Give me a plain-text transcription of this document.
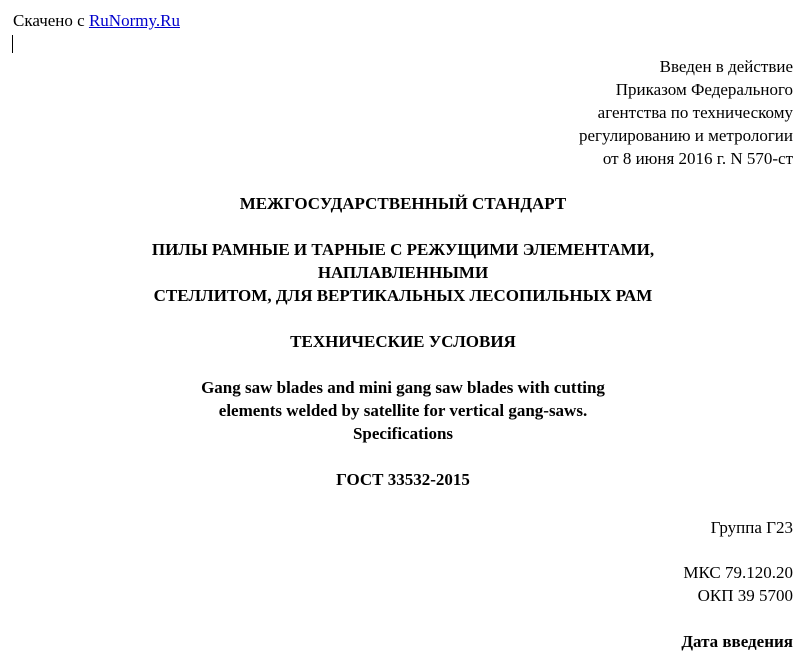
Скачено с RuNormy.Ru
Введен в действие
Приказом Федерального
агентства по техническому
регулированию и метрологии
от 8 июня 2016 г. N 570-ст
МЕЖГОСУДАРСТВЕННЫЙ СТАНДАРТ
ПИЛЫ РАМНЫЕ И ТАРНЫЕ С РЕЖУЩИМИ ЭЛЕМЕНТАМИ,
НАПЛАВЛЕННЫМИ
СТЕЛЛИТОМ, ДЛЯ ВЕРТИКАЛЬНЫХ ЛЕСОПИЛЬНЫХ РАМ
ТЕХНИЧЕСКИЕ УСЛОВИЯ
Gang saw blades and mini gang saw blades with cutting
elements welded by satellite for vertical gang-saws.
Specifications
ГОСТ 33532-2015
Группа Г23
МКС 79.120.20
ОКП 39 5700
Дата введения
